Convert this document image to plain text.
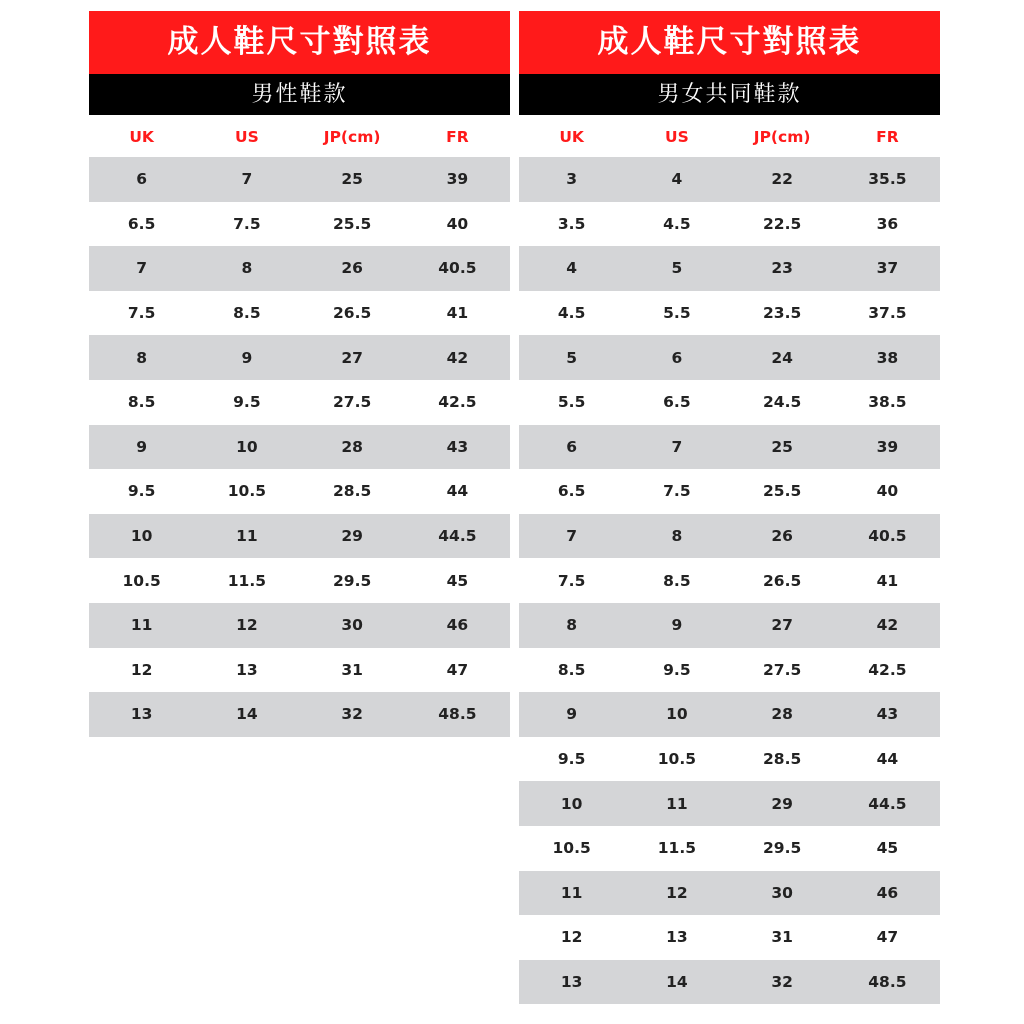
成人鞋尺寸對照表
男性鞋款
UK	US	JP(cm)	FR
6	7	25	39
6.5	7.5	25.5	40
7	8	26	40.5
7.5	8.5	26.5	41
8	9	27	42
8.5	9.5	27.5	42.5
9	10	28	43
9.5	10.5	28.5	44
10	11	29	44.5
10.5	11.5	29.5	45
11	12	30	46
12	13	31	47
13	14	32	48.5
成人鞋尺寸對照表
男女共同鞋款
UK	US	JP(cm)	FR
3	4	22	35.5
3.5	4.5	22.5	36
4	5	23	37
4.5	5.5	23.5	37.5
5	6	24	38
5.5	6.5	24.5	38.5
6	7	25	39
6.5	7.5	25.5	40
7	8	26	40.5
7.5	8.5	26.5	41
8	9	27	42
8.5	9.5	27.5	42.5
9	10	28	43
9.5	10.5	28.5	44
10	11	29	44.5
10.5	11.5	29.5	45
11	12	30	46
12	13	31	47
13	14	32	48.5
